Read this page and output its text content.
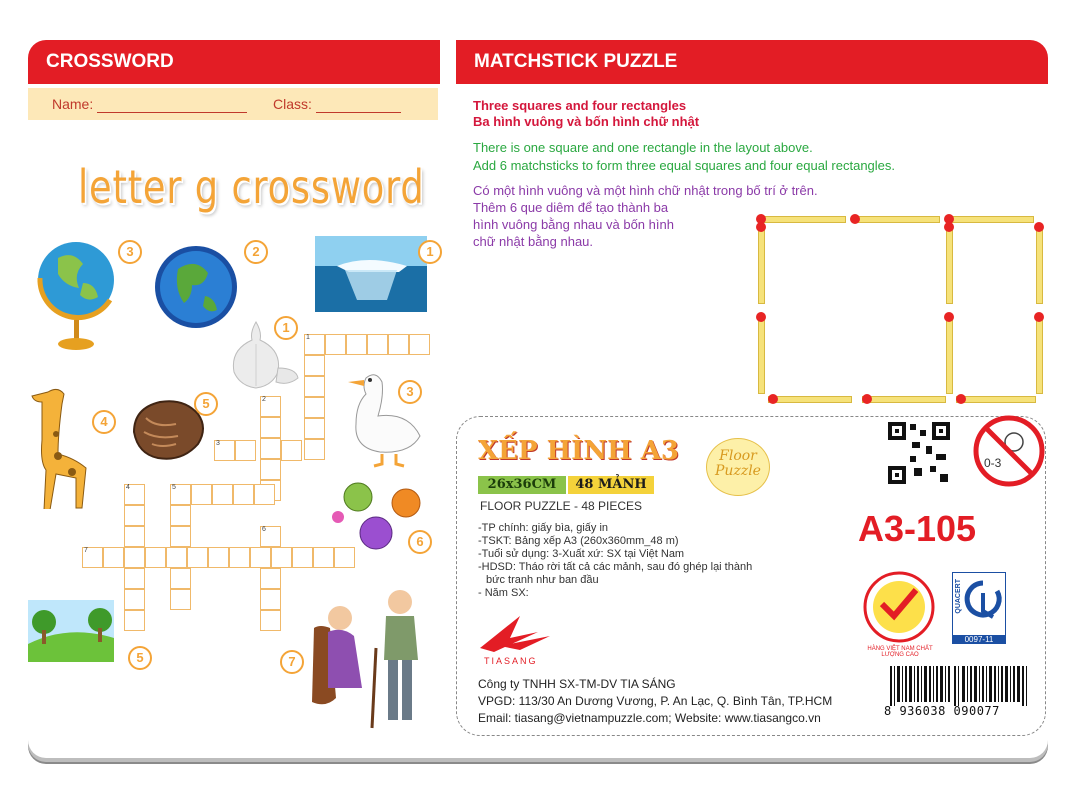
CROSSWORD
Name:	Class:
letter g crossword
3	2	1
1
4
5
3
6
5	7
1
2
3
4	5
6
7
MATCHSTICK PUZZLE
Three squares and four rectangles
Ba hình vuông và bốn hình chữ nhật
There is one square and one rectangle in the layout above.
Add 6 matchsticks to form three equal squares and four equal rectangles.
Có một hình vuông và một hình chữ nhật trong bố trí ở trên.
Thêm 6 que diêm để tạo thành ba
hình vuông bằng nhau và bốn hình
chữ nhật bằng nhau.
XẾP HÌNH A3	Floor
Puzzle
26x36CM	48 MẢNH
FLOOR PUZZLE - 48 PIECES
-TP chính: giấy bìa, giấy in
-TSKT: Bảng xếp A3 (260x360mm_48 m)
-Tuổi sử dụng: 3-Xuất xứ: SX tại Việt Nam
-HDSD: Tháo rời tất cả các mảnh, sau đó ghép lại thành
bức tranh như ban đầu
- Năm SX:
0-3
A3-105
HÀNG VIỆT NAM CHẤT LƯỢNG CAO
QUACERT
0097-11
TIASANG
Công ty TNHH SX-TM-DV TIA SÁNG
VPGD: 113/30 An Dương Vương, P. An Lạc, Q. Bình Tân, TP.HCM
Email: tiasang@vietnampuzzle.com; Website: www.tiasangco.vn	8 936038 090077
